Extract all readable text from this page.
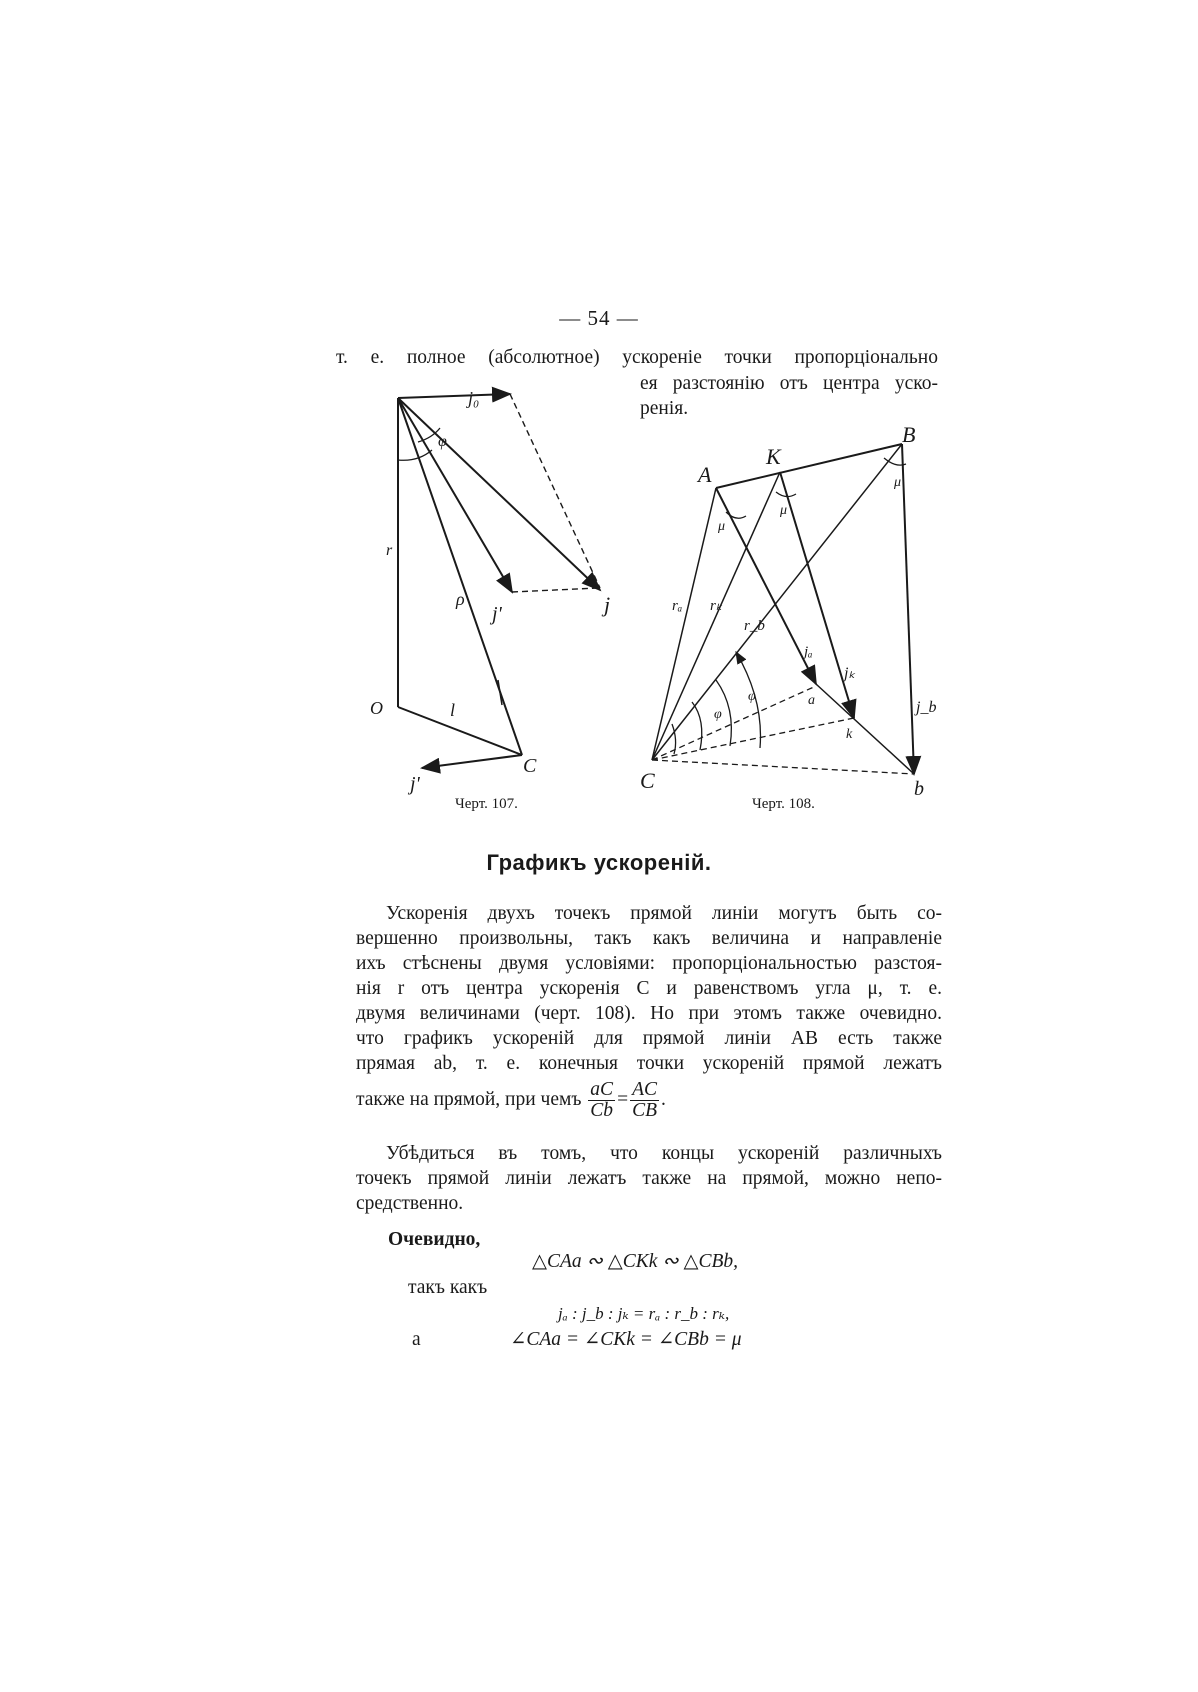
— 54 —
т. е. полное (абсолютное) ускореніе точки пропорціонально
ея разстоянію отъ центра уско-
ренія.
j₀
j
j'
φ
r
ρ
O	l
C
j'
Черт. 107.
A
K
B
C
a
k
b
μ
μ
μ
rₐ rₖ
r_b
jₐ
jₖ
j_b
φ
φ
Черт. 108.
Графикъ ускореній.
Ускоренія двухъ точекъ прямой линіи могутъ быть со-
вершенно произвольны, такъ какъ величина и направленіе
ихъ стѣснены двумя условіями: пропорціональностью разстоя-
нія r отъ центра ускоренія C и равенствомъ угла μ, т. е.
двумя величинами (черт. 108). Но при этомъ также очевидно.
что графикъ ускореній для прямой линіи AB есть также
прямая ab, т. е. конечныя точки ускореній прямой лежатъ
также на прямой, при чемъ $\frac{aC}{Cb} = \frac{AC}{CB}$ .
Убѣдиться въ томъ, что концы ускореній различныхъ
точекъ прямой линіи лежатъ также на прямой, можно непо-
средственно.
Очевидно,
△CAa ∾ △CKk ∾ △CBb,
такъ какъ
jₐ : j_b : jₖ = rₐ : r_b : rₖ,
а	∠CAa = ∠CKk = ∠CBb = μ
